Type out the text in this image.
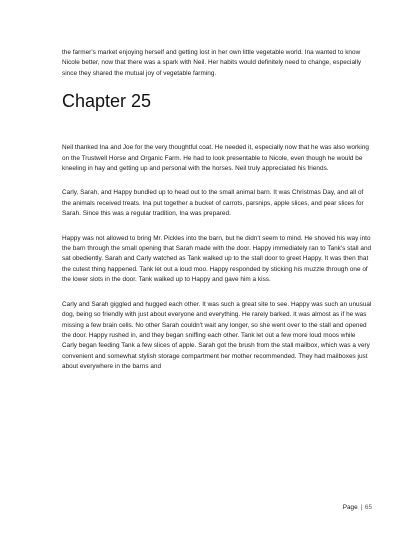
the farmer's market enjoying herself and getting lost in her own little vegetable world. Ina wanted to know Nicole better, now that there was a spark with Neil. Her habits would definitely need to change, especially since they shared the mutual joy of vegetable farming.

Chapter 25

Neil thanked Ina and Joe for the very thoughtful coat. He needed it, especially now that he was also working on the Trustwell Horse and Organic Farm. He had to look presentable to Nicole, even though he would be kneeling in hay and getting up and personal with the horses. Neil truly appreciated his friends.

Carly, Sarah, and Happy bundled up to head out to the small animal barn. It was Christmas Day, and all of the animals received treats. Ina put together a bucket of carrots, parsnips, apple slices, and pear slices for Sarah. Since this was a regular tradition, Ina was prepared.

Happy was not allowed to bring Mr. Pickles into the barn, but he didn't seem to mind. He shoved his way into the barn through the small opening that Sarah made with the door. Happy immediately ran to Tank's stall and sat obediently. Sarah and Carly watched as Tank walked up to the stall door to greet Happy. It was then that the cutest thing happened. Tank let out a loud moo. Happy responded by sticking his muzzle through one of the lower slots in the door. Tank walked up to Happy and gave him a kiss.

Carly and Sarah giggled and hugged each other. It was such a great site to see. Happy was such an unusual dog, being so friendly with just about everyone and everything. He rarely barked. It was almost as if he was missing a few brain cells. No other Sarah couldn't wait any longer, so she went over to the stall and opened the door. Happy rushed in, and they began sniffing each other. Tank let out a few more loud moos while Carly began feeding Tank a few slices of apple. Sarah got the brush from the stall mailbox, which was a very convenient and somewhat stylish storage compartment her mother recommended. They had mailboxes just about everywhere in the barns and

Page | 65
